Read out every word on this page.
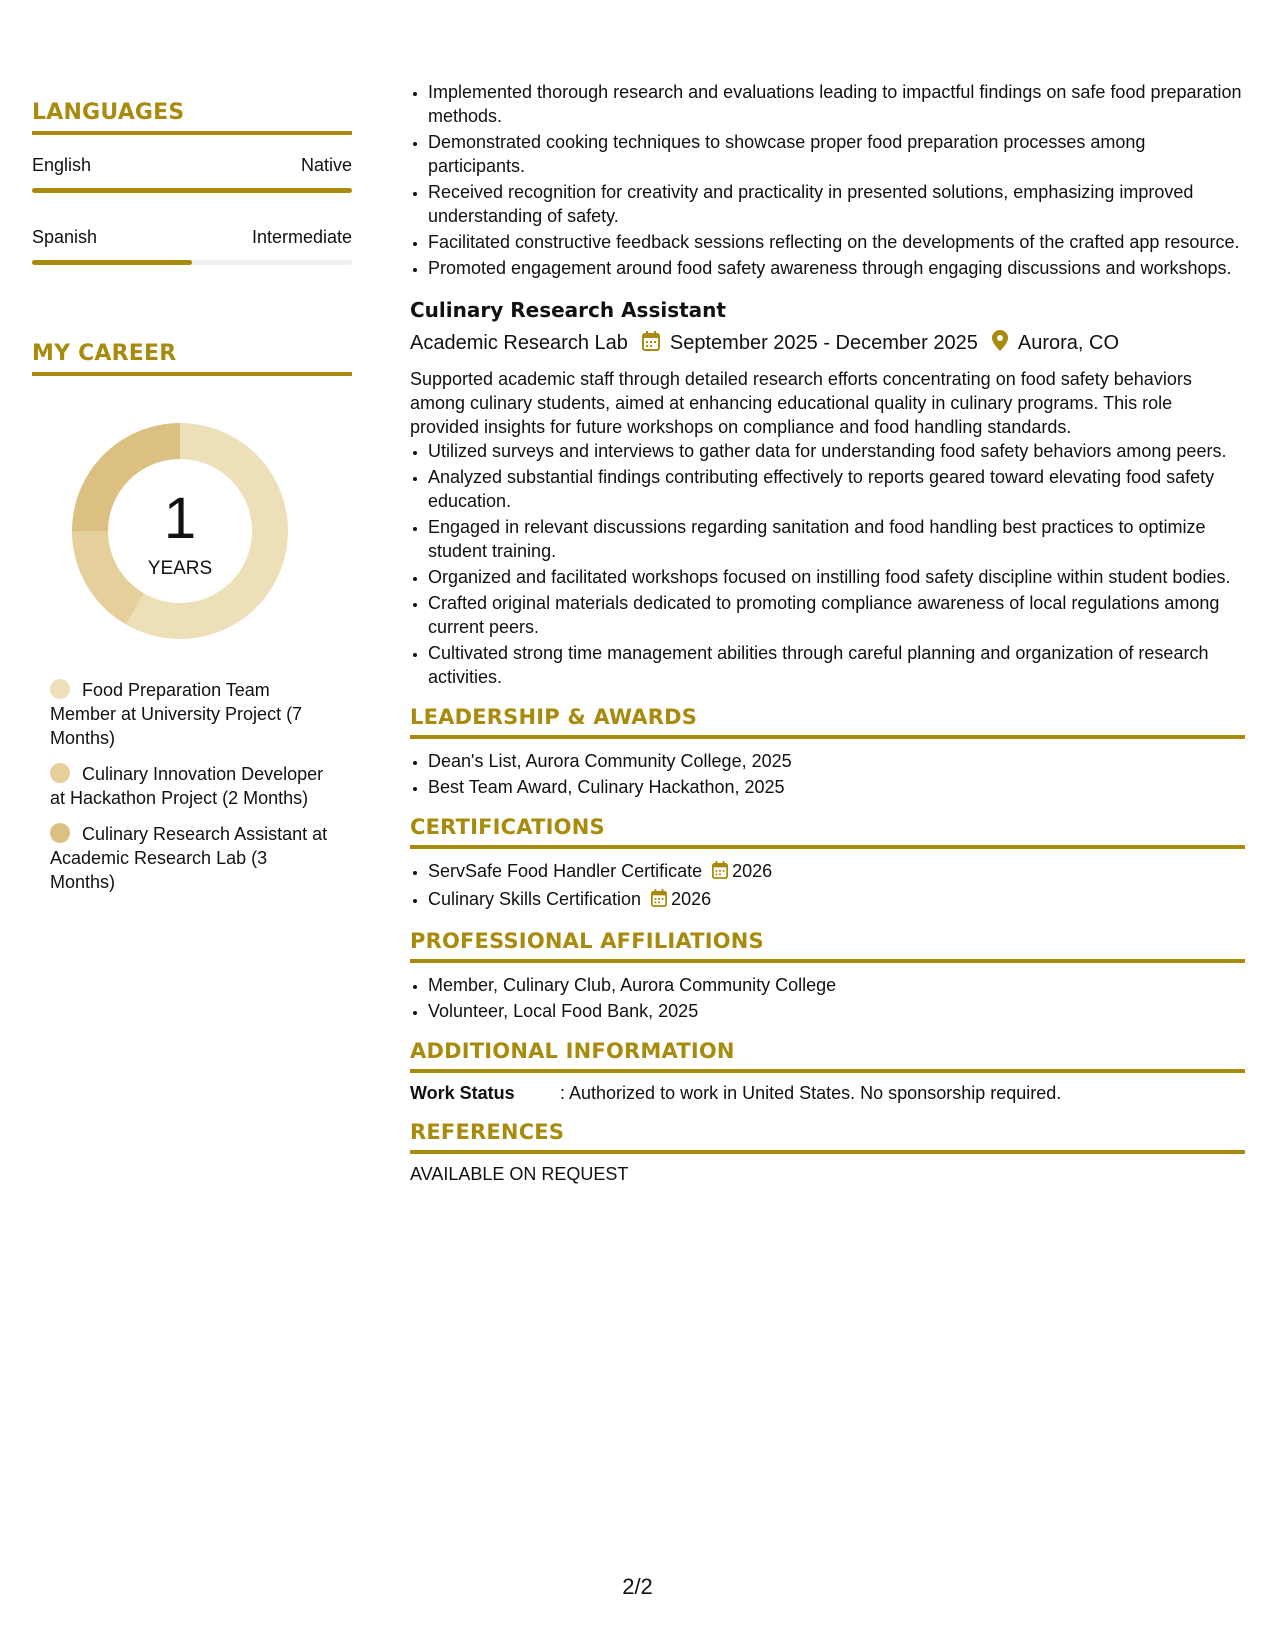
LANGUAGES
English	Native
Spanish	Intermediate
MY CAREER
1
YEARS
Food Preparation Team Member at University Project (7 Months)
Culinary Innovation Developer at Hackathon Project (2 Months)
Culinary Research Assistant at Academic Research Lab (3 Months)
• Implemented thorough research and evaluations leading to impactful findings on safe food preparation methods.
• Demonstrated cooking techniques to showcase proper food preparation processes among participants.
• Received recognition for creativity and practicality in presented solutions, emphasizing improved understanding of safety.
• Facilitated constructive feedback sessions reflecting on the developments of the crafted app resource.
• Promoted engagement around food safety awareness through engaging discussions and workshops.
Culinary Research Assistant
Academic Research Lab September 2025 - December 2025 Aurora, CO
Supported academic staff through detailed research efforts concentrating on food safety behaviors among culinary students, aimed at enhancing educational quality in culinary programs. This role provided insights for future workshops on compliance and food handling standards.
• Utilized surveys and interviews to gather data for understanding food safety behaviors among peers.
• Analyzed substantial findings contributing effectively to reports geared toward elevating food safety education.
• Engaged in relevant discussions regarding sanitation and food handling best practices to optimize student training.
• Organized and facilitated workshops focused on instilling food safety discipline within student bodies.
• Crafted original materials dedicated to promoting compliance awareness of local regulations among current peers.
• Cultivated strong time management abilities through careful planning and organization of research activities.
LEADERSHIP & AWARDS
• Dean's List, Aurora Community College, 2025
• Best Team Award, Culinary Hackathon, 2025
CERTIFICATIONS
• ServSafe Food Handler Certificate 2026
• Culinary Skills Certification 2026
PROFESSIONAL AFFILIATIONS
• Member, Culinary Club, Aurora Community College
• Volunteer, Local Food Bank, 2025
ADDITIONAL INFORMATION
Work Status	: Authorized to work in United States. No sponsorship required.
REFERENCES
AVAILABLE ON REQUEST
2/2
